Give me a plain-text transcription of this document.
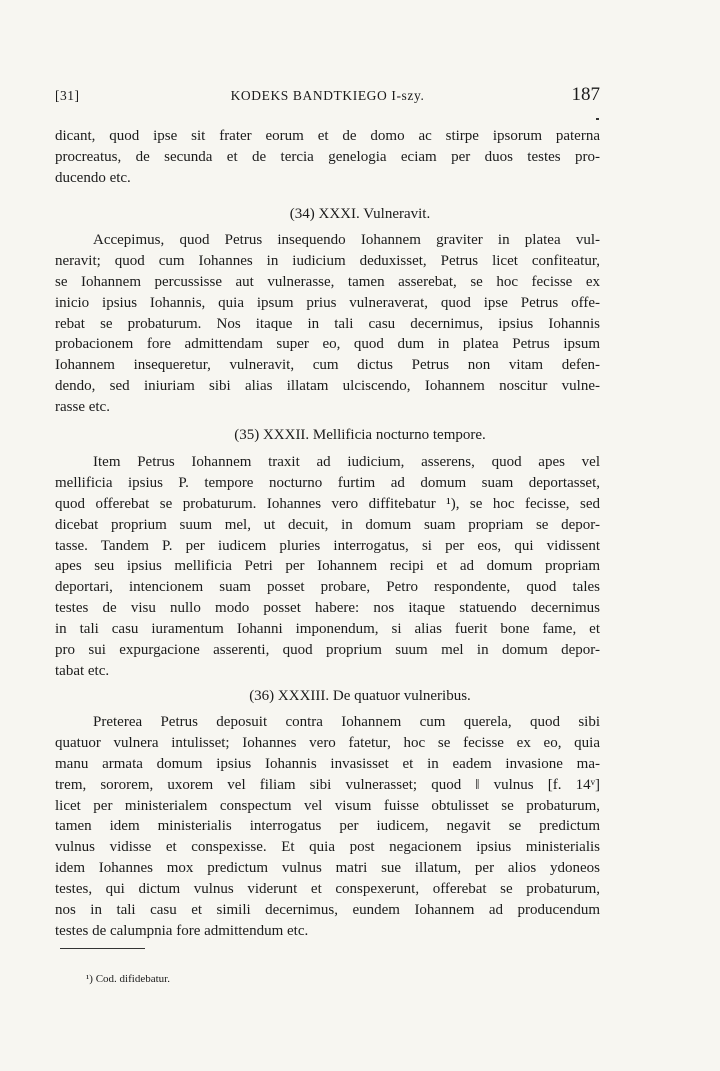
[31]	KODEKS BANDTKIEGO I-szy.	187
dicant, quod ipse sit frater eorum et de domo ac stirpe ipsorum paterna
procreatus, de secunda et de tercia genelogia eciam per duos testes pro-
ducendo etc.
(34) XXXI. Vulneravit.
Accepimus, quod Petrus insequendo Iohannem graviter in platea vul-
neravit; quod cum Iohannes in iudicium deduxisset, Petrus licet confiteatur,
se Iohannem percussisse aut vulnerasse, tamen asserebat, se hoc fecisse ex
inicio ipsius Iohannis, quia ipsum prius vulneraverat, quod ipse Petrus offe-
rebat se probaturum. Nos itaque in tali casu decernimus, ipsius Iohannis
probacionem fore admittendam super eo, quod dum in platea Petrus ipsum
Iohannem insequeretur, vulneravit, cum dictus Petrus non vitam defen-
dendo, sed iniuriam sibi alias illatam ulciscendo, Iohannem noscitur vulne-
rasse etc.
(35) XXXII. Mellificia nocturno tempore.
Item Petrus Iohannem traxit ad iudicium, asserens, quod apes vel
mellificia ipsius P. tempore nocturno furtim ad domum suam deportasset,
quod offerebat se probaturum. Iohannes vero diffitebatur ¹), se hoc fecisse, sed
dicebat proprium suum mel, ut decuit, in domum suam propriam se depor-
tasse. Tandem P. per iudicem pluries interrogatus, si per eos, qui vidissent
apes seu ipsius mellificia Petri per Iohannem recipi et ad domum propriam
deportari, intencionem suam posset probare, Petro respondente, quod tales
testes de visu nullo modo posset habere: nos itaque statuendo decernimus
in tali casu iuramentum Iohanni imponendum, si alias fuerit bone fame, et
pro sui expurgacione asserenti, quod proprium suum mel in domum depor-
tabat etc.
(36) XXXIII. De quatuor vulneribus.
Preterea Petrus deposuit contra Iohannem cum querela, quod sibi
quatuor vulnera intulisset; Iohannes vero fatetur, hoc se fecisse ex eo, quia
manu armata domum ipsius Iohannis invasisset et in eadem invasione ma-
trem, sororem, uxorem vel filiam sibi vulnerasset; quod ‖ vulnus [f. 14ᵛ]
licet per ministerialem conspectum vel visum fuisse obtulisset se probaturum,
tamen idem ministerialis interrogatus per iudicem, negavit se predictum
vulnus vidisse et conspexisse. Et quia post negacionem ipsius ministerialis
idem Iohannes mox predictum vulnus matri sue illatum, per alios ydoneos
testes, qui dictum vulnus viderunt et conspexerunt, offerebat se probaturum,
nos in tali casu et simili decernimus, eundem Iohannem ad producendum
testes de calumpnia fore admittendum etc.
¹) Cod. difidebatur.
